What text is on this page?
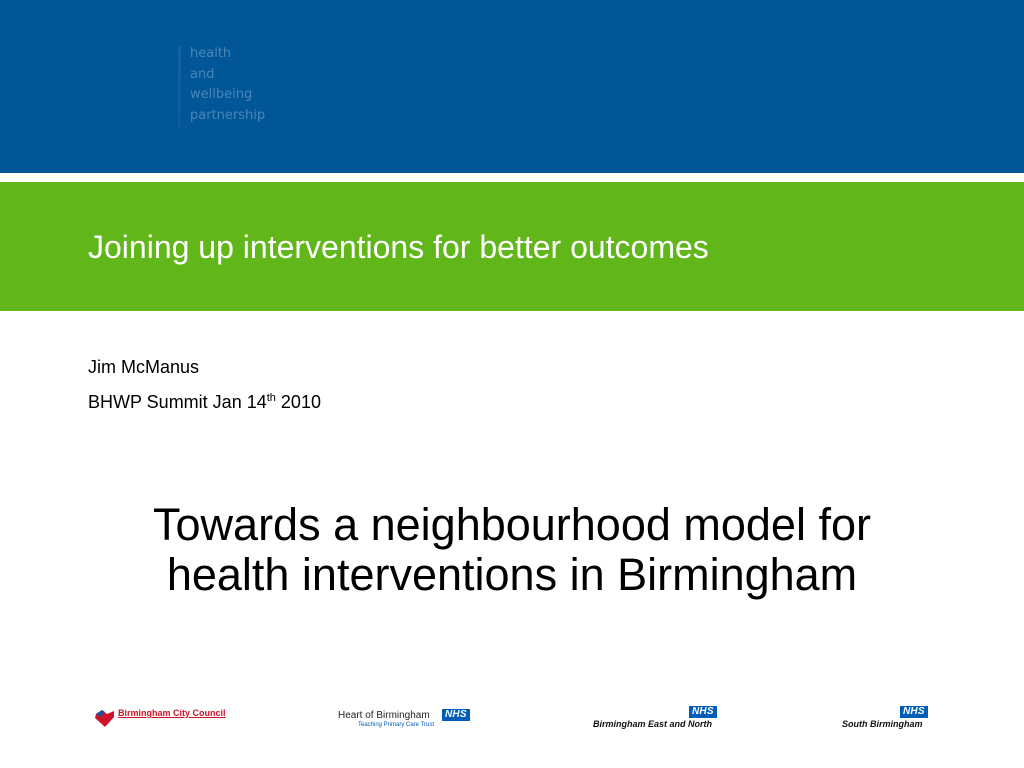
health
and
wellbeing
partnership
Joining up interventions for better outcomes
Jim McManus
BHWP Summit Jan 14th 2010
Towards a neighbourhood model for
health interventions in Birmingham
Birmingham City Council	Heart of Birmingham
Teaching Primary Care Trust
NHS	NHS
Birmingham East and North
NHS
South Birmingham
